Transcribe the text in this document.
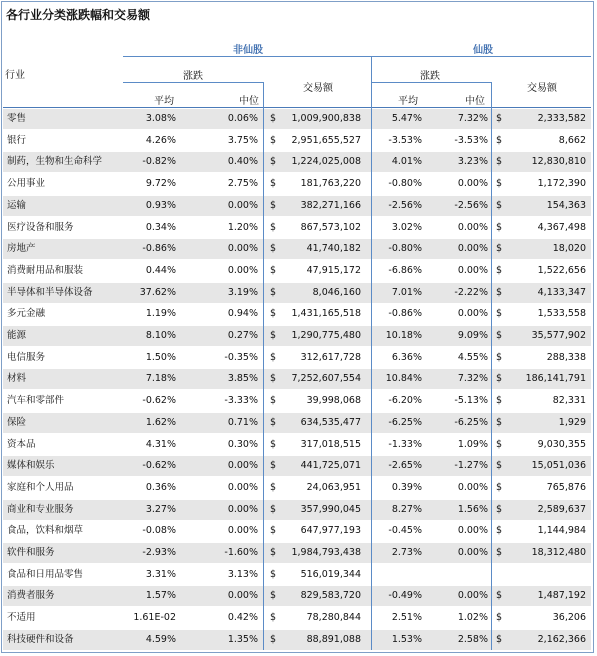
各行业分类涨跌幅和交易额
行业
非仙股	仙股
涨跌	涨跌
交易额	交易额
平均	中位	平均	中位
零售	3.08%	0.06% $ 1,009,900,838	5.47%	7.32% $	2,333,582
银行	4.26%	3.75% $ 2,951,655,527	-3.53%	-3.53% $	8,662
制药，生物和生命科学	-0.82%	0.40% $ 1,224,025,008	4.01%	3.23% $	12,830,810
公用事业	9.72%	2.75% $	181,763,220	-0.80%	0.00% $	1,172,390
运输	0.93%	0.00% $	382,271,166	-2.56%	-2.56% $	154,363
医疗设备和服务	0.34%	1.20% $	867,573,102	3.02%	0.00% $	4,367,498
房地产	-0.86%	0.00% $	41,740,182	-0.80%	0.00% $	18,020
消费耐用品和服装	0.44%	0.00% $	47,915,172	-6.86%	0.00% $	1,522,656
半导体和半导体设备	37.62%	3.19% $	8,046,160	7.01%	-2.22% $	4,133,347
多元金融	1.19%	0.94% $ 1,431,165,518	-0.86%	0.00% $	1,533,558
能源	8.10%	0.27% $ 1,290,775,480	10.18%	9.09% $	35,577,902
电信服务	1.50%	-0.35% $	312,617,728	6.36%	4.55% $	288,338
材料	7.18%	3.85% $ 7,252,607,554	10.84%	7.32% $ 186,141,791
汽车和零部件	-0.62%	-3.33% $	39,998,068	-6.20%	-5.13% $	82,331
保险	1.62%	0.71% $	634,535,477	-6.25%	-6.25% $	1,929
资本品	4.31%	0.30% $	317,018,515	-1.33%	1.09% $	9,030,355
媒体和娱乐	-0.62%	0.00% $	441,725,071	-2.65%	-1.27% $	15,051,036
家庭和个人用品	0.36%	0.00% $	24,063,951	0.39%	0.00% $	765,876
商业和专业服务	3.27%	0.00% $	357,990,045	8.27%	1.56% $	2,589,637
食品，饮料和烟草	-0.08%	0.00% $	647,977,193	-0.45%	0.00% $	1,144,984
软件和服务	-2.93%	-1.60% $ 1,984,793,438	2.73%	0.00% $	18,312,480
食品和日用品零售	3.31%	3.13% $	516,019,344
消费者服务	1.57%	0.00% $	829,583,720	-0.49%	0.00% $	1,487,192
不适用	1.61E-02	0.42% $	78,280,844	2.51%	1.02% $	36,206
科技硬件和设备	4.59%	1.35% $	88,891,088	1.53%	2.58% $	2,162,366
